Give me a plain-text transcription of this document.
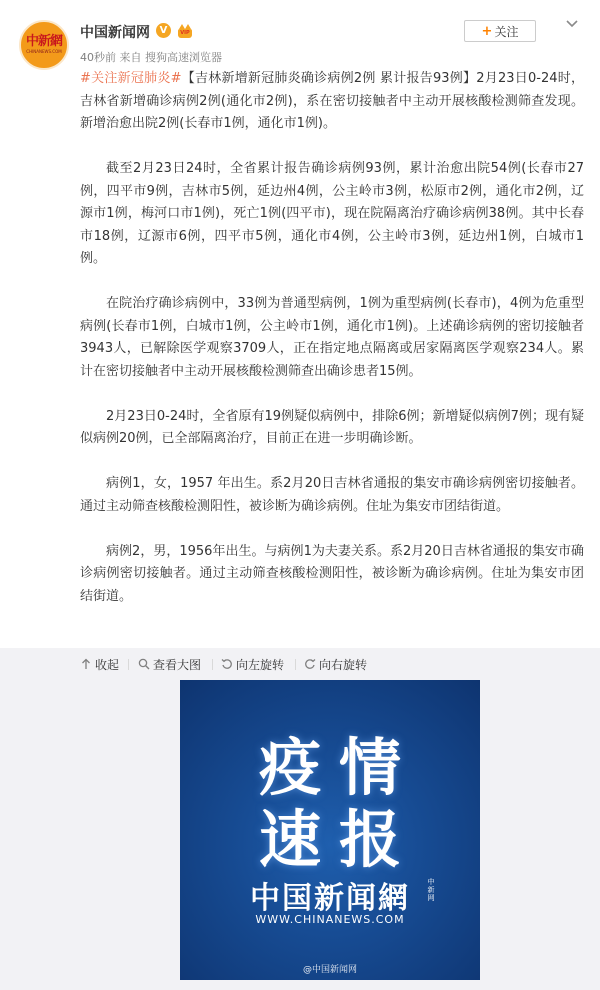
中新網
CHINANEWS.COM
中国新闻网 V	VIP
40秒前 来自 搜狗高速浏览器
+ 关注

#关注新冠肺炎#【吉林新增新冠肺炎确诊病例2例 累计报告93例】2月23日0-24时，吉林省新增确诊病例2例(通化市2例)，系在密切接触者中主动开展核酸检测筛查发现。新增治愈出院2例(长春市1例，通化市1例)。

截至2月23日24时，全省累计报告确诊病例93例，累计治愈出院54例(长春市27例，四平市9例，吉林市5例，延边州4例，公主岭市3例，松原市2例，通化市2例，辽源市1例，梅河口市1例)，死亡1例(四平市)，现在院隔离治疗确诊病例38例。其中长春市18例，辽源市6例，四平市5例，通化市4例，公主岭市3例，延边州1例，白城市1例。

在院治疗确诊病例中，33例为普通型病例，1例为重型病例(长春市)，4例为危重型病例(长春市1例，白城市1例，公主岭市1例，通化市1例)。上述确诊病例的密切接触者3943人，已解除医学观察3709人，正在指定地点隔离或居家隔离医学观察234人。累计在密切接触者中主动开展核酸检测筛查出确诊患者15例。

2月23日0-24时，全省原有19例疑似病例中，排除6例；新增疑似病例7例；现有疑似病例20例，已全部隔离治疗，目前正在进一步明确诊断。

病例1，女，1957 年出生。系2月20日吉林省通报的集安市确诊病例密切接触者。通过主动筛查核酸检测阳性，被诊断为确诊病例。住址为集安市团结街道。

病例2，男，1956年出生。与病例1为夫妻关系。系2月20日吉林省通报的集安市确诊病例密切接触者。通过主动筛查核酸检测阳性，被诊断为确诊病例。住址为集安市团结街道。

收起	查看大图	向左旋转	向右旋转
疫情
速报
中国新闻網	中新网
WWW.CHINANEWS.COM
@中国新闻网
